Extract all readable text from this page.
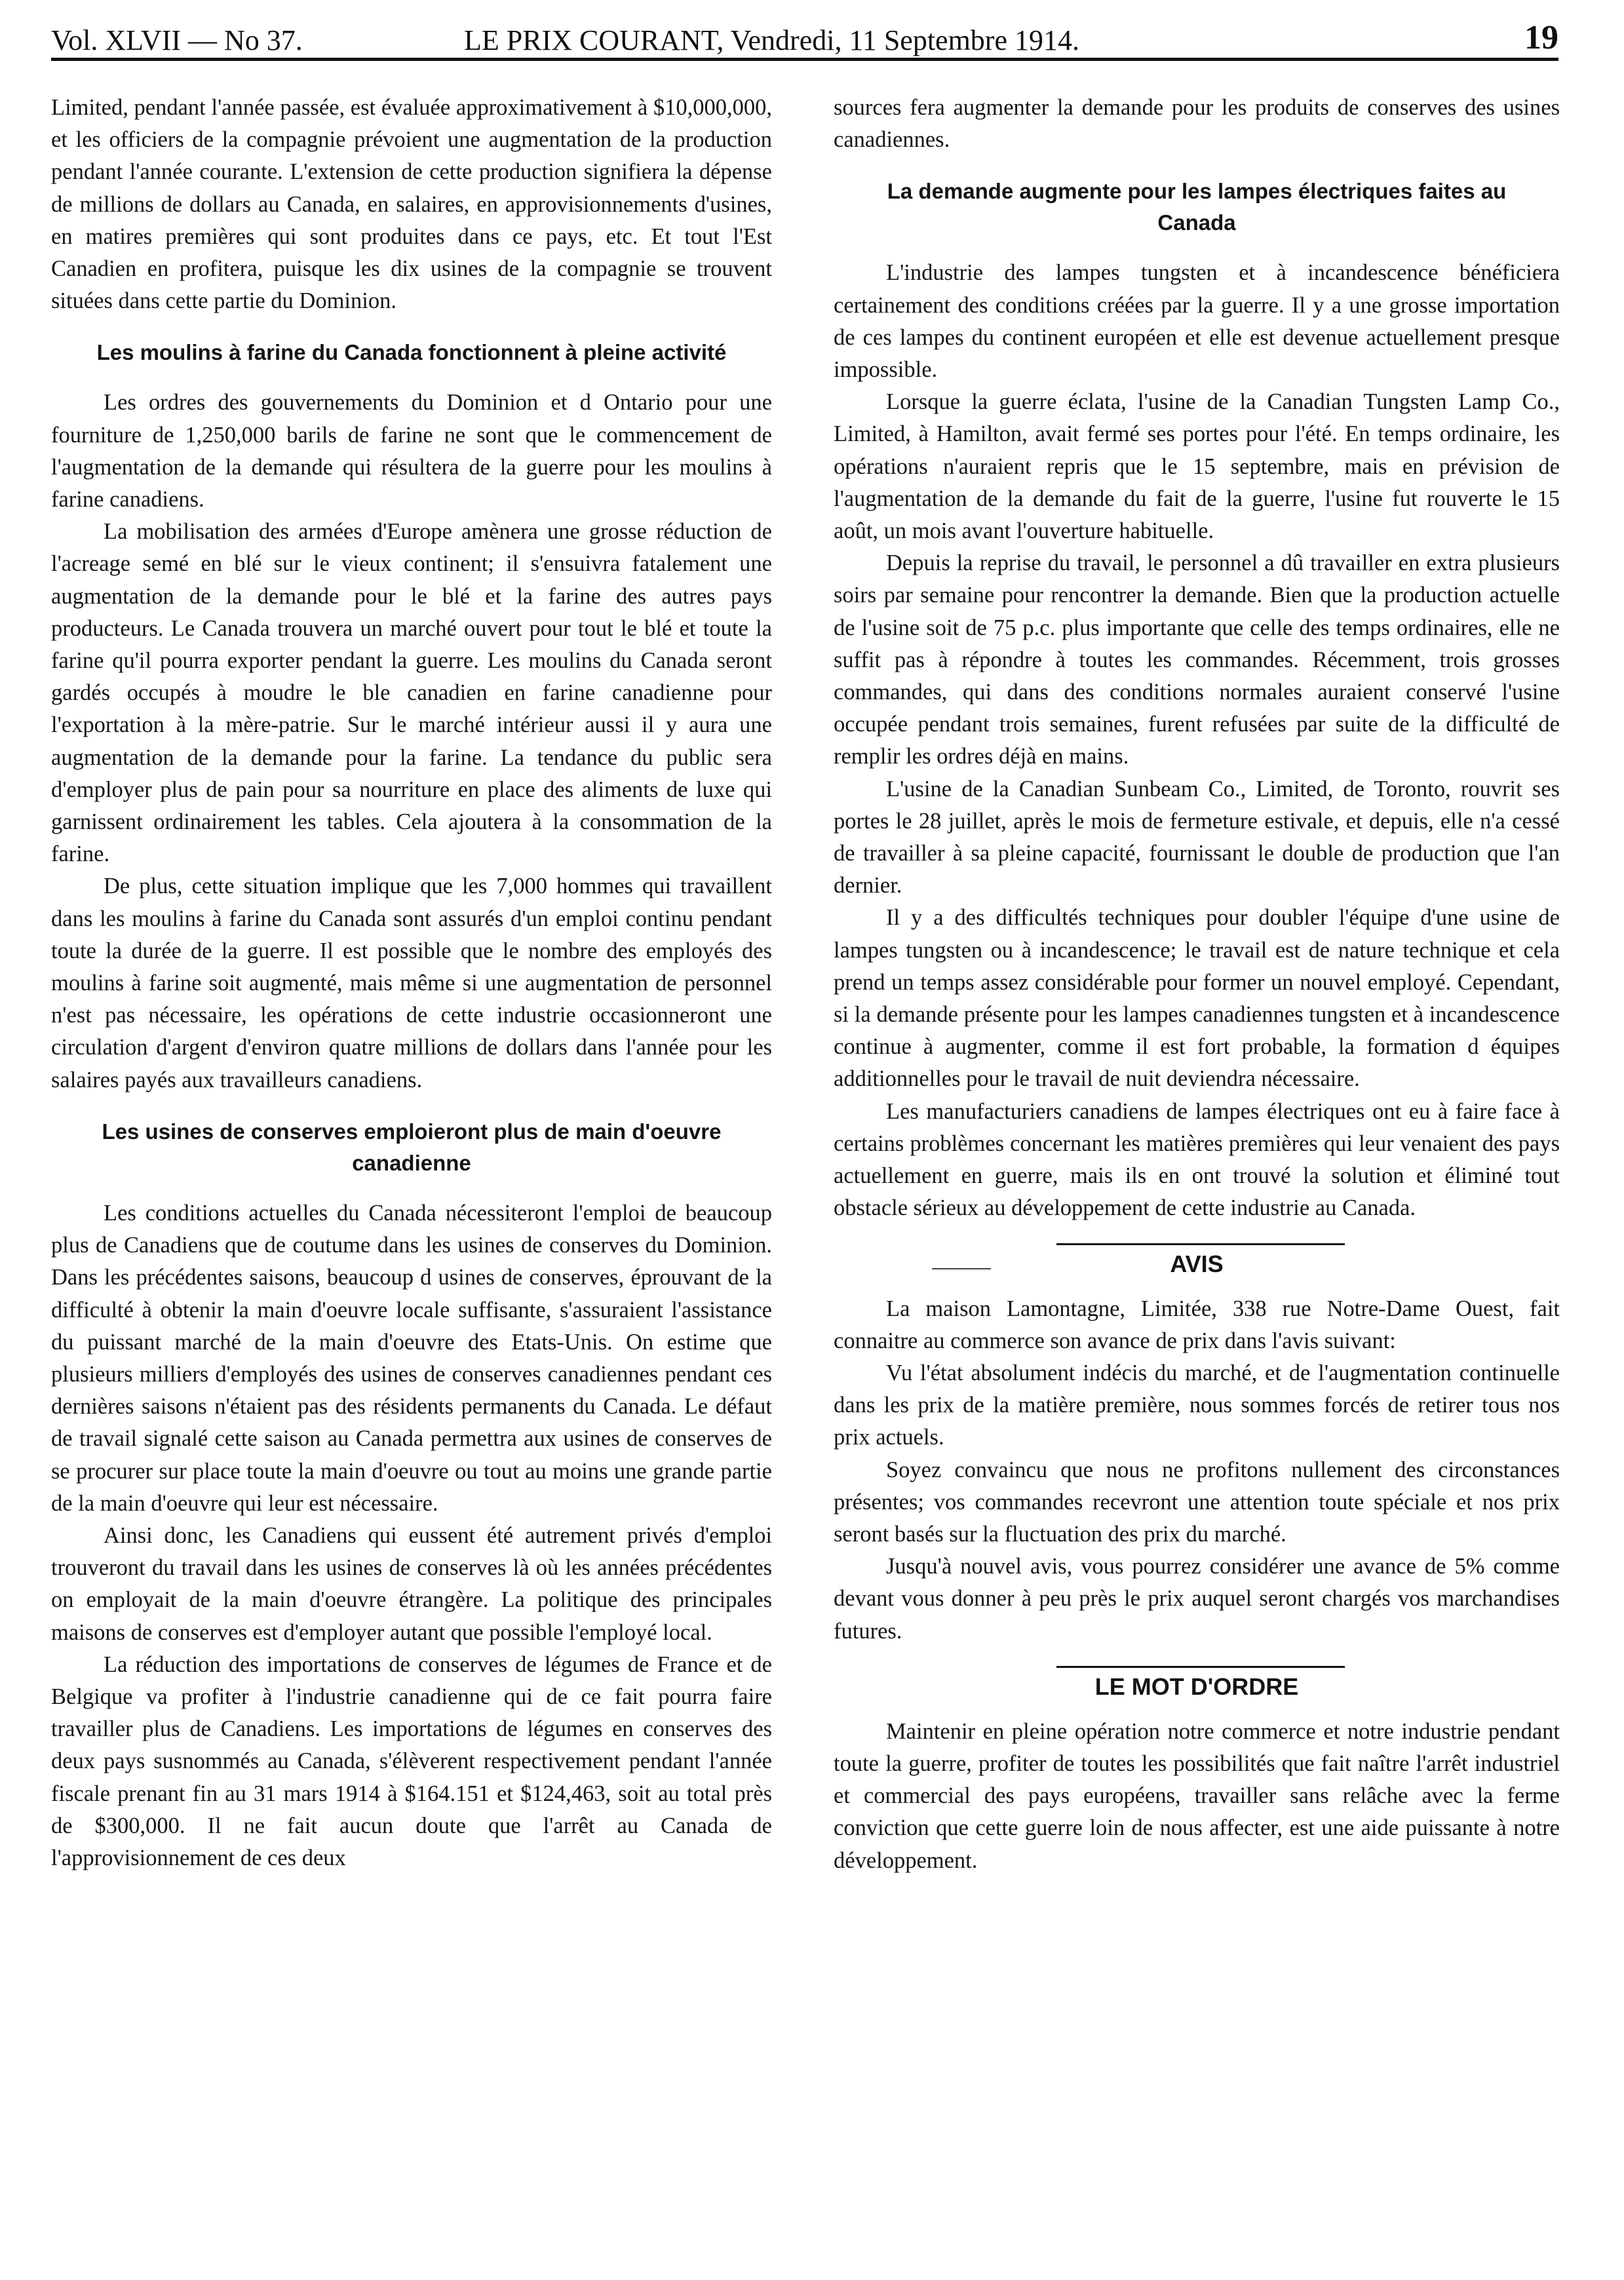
Vol. XLVII — No 37.	LE PRIX COURANT, Vendredi, 11 Septembre 1914.	19

Limited, pendant l'année passée, est évaluée approximativement à $10,000,000, et les officiers de la compagnie prévoient une augmentation de la production pendant l'année courante. L'extension de cette production signifiera la dépense de millions de dollars au Canada, en salaires, en approvisionnements d'usines, en matires premières qui sont produites dans ce pays, etc. Et tout l'Est Canadien en profitera, puisque les dix usines de la compagnie se trouvent situées dans cette partie du Dominion.

Les moulins à farine du Canada fonctionnent à pleine activité

Les ordres des gouvernements du Dominion et d Ontario pour une fourniture de 1,250,000 barils de farine ne sont que le commencement de l'augmentation de la demande qui résultera de la guerre pour les moulins à farine canadiens.

La mobilisation des armées d'Europe amènera une grosse réduction de l'acreage semé en blé sur le vieux continent; il s'ensuivra fatalement une augmentation de la demande pour le blé et la farine des autres pays producteurs. Le Canada trouvera un marché ouvert pour tout le blé et toute la farine qu'il pourra exporter pendant la guerre. Les moulins du Canada seront gardés occupés à moudre le ble canadien en farine canadienne pour l'exportation à la mère-patrie. Sur le marché intérieur aussi il y aura une augmentation de la demande pour la farine. La tendance du public sera d'employer plus de pain pour sa nourriture en place des aliments de luxe qui garnissent ordinairement les tables. Cela ajoutera à la consommation de la farine.

De plus, cette situation implique que les 7,000 hommes qui travaillent dans les moulins à farine du Canada sont assurés d'un emploi continu pendant toute la durée de la guerre. Il est possible que le nombre des employés des moulins à farine soit augmenté, mais même si une augmentation de personnel n'est pas nécessaire, les opérations de cette industrie occasionneront une circulation d'argent d'environ quatre millions de dollars dans l'année pour les salaires payés aux travailleurs canadiens.

Les usines de conserves emploieront plus de main d'oeuvre canadienne

Les conditions actuelles du Canada nécessiteront l'emploi de beaucoup plus de Canadiens que de coutume dans les usines de conserves du Dominion. Dans les précédentes saisons, beaucoup d usines de conserves, éprouvant de la difficulté à obtenir la main d'oeuvre locale suffisante, s'assuraient l'assistance du puissant marché de la main d'oeuvre des Etats-Unis. On estime que plusieurs milliers d'employés des usines de conserves canadiennes pendant ces dernières saisons n'étaient pas des résidents permanents du Canada. Le défaut de travail signalé cette saison au Canada permettra aux usines de conserves de se procurer sur place toute la main d'oeuvre ou tout au moins une grande partie de la main d'oeuvre qui leur est nécessaire.

Ainsi donc, les Canadiens qui eussent été autrement privés d'emploi trouveront du travail dans les usines de conserves là où les années précédentes on employait de la main d'oeuvre étrangère. La politique des principales maisons de conserves est d'employer autant que possible l'employé local.

La réduction des importations de conserves de légumes de France et de Belgique va profiter à l'industrie canadienne qui de ce fait pourra faire travailler plus de Canadiens. Les importations de légumes en conserves des deux pays susnommés au Canada, s'élèverent respectivement pendant l'année fiscale prenant fin au 31 mars 1914 à $164.151 et $124,463, soit au total près de $300,000. Il ne fait aucun doute que l'arrêt au Canada de l'approvisionnement de ces deux

sources fera augmenter la demande pour les produits de conserves des usines canadiennes.

La demande augmente pour les lampes électriques faites au Canada

L'industrie des lampes tungsten et à incandescence bénéficiera certainement des conditions créées par la guerre. Il y a une grosse importation de ces lampes du continent européen et elle est devenue actuellement presque impossible.

Lorsque la guerre éclata, l'usine de la Canadian Tungsten Lamp Co., Limited, à Hamilton, avait fermé ses portes pour l'été. En temps ordinaire, les opérations n'auraient repris que le 15 septembre, mais en prévision de l'augmentation de la demande du fait de la guerre, l'usine fut rouverte le 15 août, un mois avant l'ouverture habituelle.

Depuis la reprise du travail, le personnel a dû travailler en extra plusieurs soirs par semaine pour rencontrer la demande. Bien que la production actuelle de l'usine soit de 75 p.c. plus importante que celle des temps ordinaires, elle ne suffit pas à répondre à toutes les commandes. Récemment, trois grosses commandes, qui dans des conditions normales auraient conservé l'usine occupée pendant trois semaines, furent refusées par suite de la difficulté de remplir les ordres déjà en mains.

L'usine de la Canadian Sunbeam Co., Limited, de Toronto, rouvrit ses portes le 28 juillet, après le mois de fermeture estivale, et depuis, elle n'a cessé de travailler à sa pleine capacité, fournissant le double de production que l'an dernier.

Il y a des difficultés techniques pour doubler l'équipe d'une usine de lampes tungsten ou à incandescence; le travail est de nature technique et cela prend un temps assez considérable pour former un nouvel employé. Cependant, si la demande présente pour les lampes canadiennes tungsten et à incandescence continue à augmenter, comme il est fort probable, la formation d équipes additionnelles pour le travail de nuit deviendra nécessaire.

Les manufacturiers canadiens de lampes électriques ont eu à faire face à certains problèmes concernant les matières premières qui leur venaient des pays actuellement en guerre, mais ils en ont trouvé la solution et éliminé tout obstacle sérieux au développement de cette industrie au Canada.

AVIS

La maison Lamontagne, Limitée, 338 rue Notre-Dame Ouest, fait connaitre au commerce son avance de prix dans l'avis suivant:

Vu l'état absolument indécis du marché, et de l'augmentation continuelle dans les prix de la matière première, nous sommes forcés de retirer tous nos prix actuels.

Soyez convaincu que nous ne profitons nullement des circonstances présentes; vos commandes recevront une attention toute spéciale et nos prix seront basés sur la fluctuation des prix du marché.

Jusqu'à nouvel avis, vous pourrez considérer une avance de 5% comme devant vous donner à peu près le prix auquel seront chargés vos marchandises futures.

LE MOT D'ORDRE

Maintenir en pleine opération notre commerce et notre industrie pendant toute la guerre, profiter de toutes les possibilités que fait naître l'arrêt industriel et commercial des pays européens, travailler sans relâche avec la ferme conviction que cette guerre loin de nous affecter, est une aide puissante à notre développement.
